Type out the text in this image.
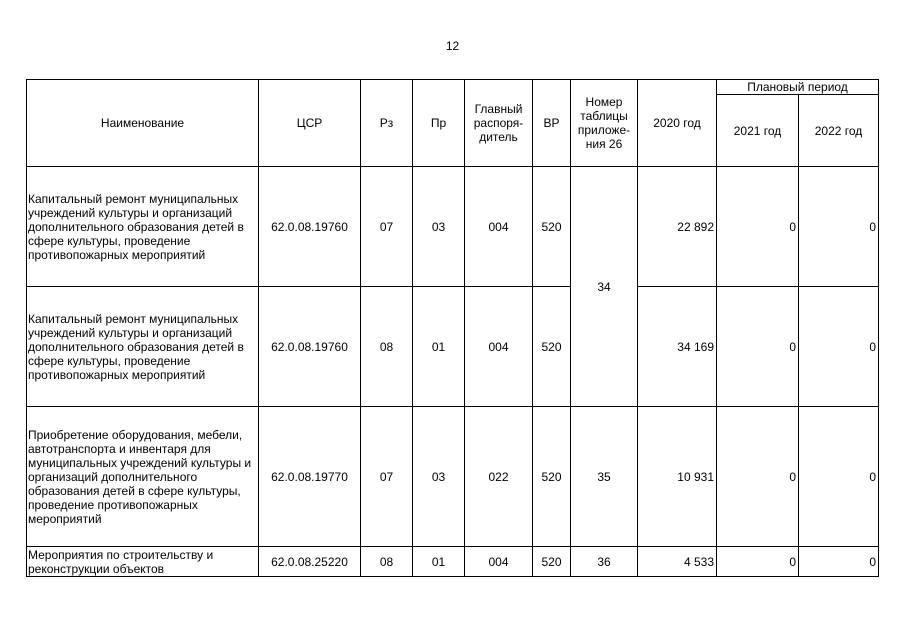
12
Наименование	ЦСР	Рз	Пр	Главный
распоря-
дитель	ВР	Номер
таблицы
приложе-
ния 26	2020 год	Плановый период	
								2021 год	2022 год
Капитальный ремонт муниципальных учреждений культуры и организаций дополнительного образования детей в сфере культуры, проведение противопожарных мероприятий	62.0.08.19760	07	03	004	520	34	22 892	0	0
Капитальный ремонт муниципальных учреждений культуры и организаций дополнительного образования детей в сфере культуры, проведение противопожарных мероприятий	62.0.08.19760	08	01	004	520		34 169	0	0
Приобретение оборудования, мебели, автотранспорта и инвентаря для муниципальных учреждений культуры и организаций дополнительного образования детей в сфере культуры, проведение противопожарных мероприятий	62.0.08.19770	07	03	022	520	35	10 931	0	0
Мероприятия по строительству и реконструкции объектов	62.0.08.25220	08	01	004	520	36	4 533	0	0
